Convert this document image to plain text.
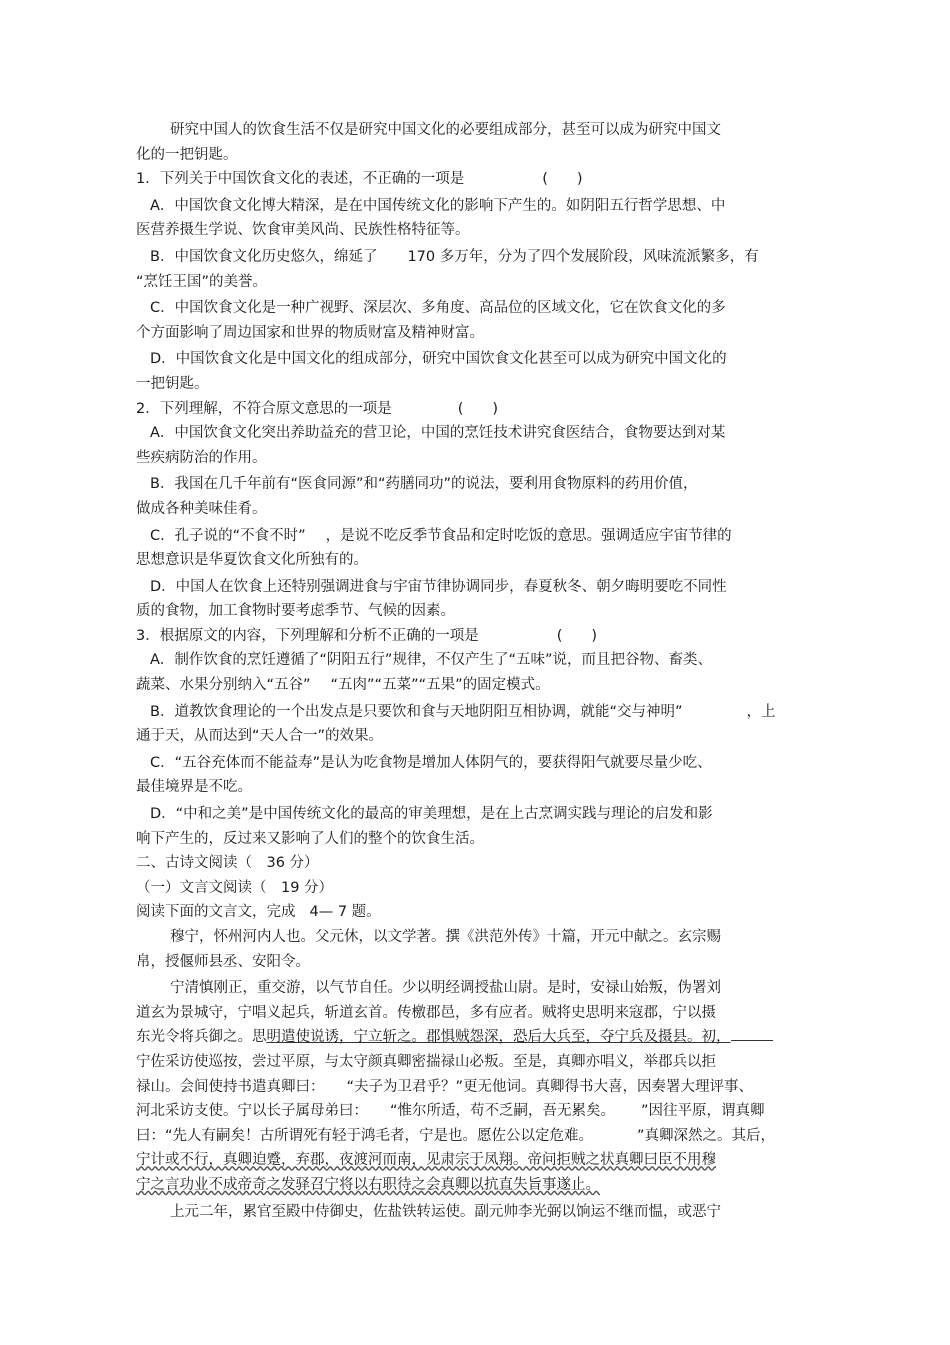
研究中国人的饮食生活不仅是研究中国文化的必要组成部分，甚至可以成为研究中国文
化的一把钥匙。
1．下列关于中国饮食文化的表述，不正确的一项是	(　　)
A．中国饮食文化博大精深，是在中国传统文化的影响下产生的。如阴阳五行哲学思想、中
医营养摄生学说、饮食审美风尚、民族性格特征等。
B．中国饮食文化历史悠久，绵延了 170 多万年，分为了四个发展阶段，风味流派繁多，有
“烹饪王国”的美誉。
C．中国饮食文化是一种广视野、深层次、多角度、高品位的区域文化，它在饮食文化的多
个方面影响了周边国家和世界的物质财富及精神财富。
D．中国饮食文化是中国文化的组成部分，研究中国饮食文化甚至可以成为研究中国文化的
一把钥匙。
2．下列理解，不符合原文意思的一项是	(　　)
A．中国饮食文化突出养助益充的营卫论，中国的烹饪技术讲究食医结合，食物要达到对某
些疾病防治的作用。
B．我国在几千年前有“医食同源”和“药膳同功”的说法，要利用食物原料的药用价值，
做成各种美味佳肴。
C．孔子说的“不食不时” ，是说不吃反季节食品和定时吃饭的意思。强调适应宇宙节律的
思想意识是华夏饮食文化所独有的。
D．中国人在饮食上还特别强调进食与宇宙节律协调同步，春夏秋冬、朝夕晦明要吃不同性
质的食物，加工食物时要考虑季节、气候的因素。
3．根据原文的内容，下列理解和分析不正确的一项是	(　　)
A．制作饮食的烹饪遵循了“阴阳五行”规律，不仅产生了“五味”说，而且把谷物、畜类、
蔬菜、水果分别纳入“五谷” “五肉”“五菜”“五果”的固定模式。
B．道教饮食理论的一个出发点是只要饮和食与天地阴阳互相协调，就能“交与神明”	，上
通于天，从而达到“天人合一”的效果。
C．“五谷充体而不能益寿”是认为吃食物是增加人体阴气的，要获得阳气就要尽量少吃、
最佳境界是不吃。
D．“中和之美”是中国传统文化的最高的审美理想，是在上古烹调实践与理论的启发和影
响下产生的，反过来又影响了人们的整个的饮食生活。
二、古诗文阅读（　36 分）
（一）文言文阅读（　19 分）
阅读下面的文言文，完成 4— 7 题。
穆宁，怀州河内人也。父元休，以文学著。撰《洪范外传》十篇，开元中献之。玄宗赐
帛，授偃师县丞、安阳令。
宁清慎刚正，重交游，以气节自任。少以明经调授盐山尉。是时，安禄山始叛，伪署刘
道玄为景城守，宁唱义起兵，斩道玄首。传檄郡邑，多有应者。贼将史思明来寇郡，宁以摄
东光令将兵御之。思明遣使说诱，宁立斩之。郡惧贼怨深，恐后大兵至，夺宁兵及摄县。初，
宁佐采访使巡按，尝过平原，与太守颜真卿密揣禄山必叛。至是，真卿亦唱义，举郡兵以拒
禄山。会间使持书遣真卿曰： “夫子为卫君乎？”更无他词。真卿得书大喜，因奏署大理评事、
河北采访支使。宁以长子属母弟曰： “惟尔所适，苟不乏嗣，吾无累矣。 ”因往平原，谓真卿
曰：“先人有嗣矣！古所谓死有轻于鸿毛者，宁是也。愿佐公以定危难。	”真卿深然之。其后，
宁计或不行，真卿迫蹙，弃郡，夜渡河而南，见肃宗于凤翔。帝问拒贼之状真卿曰臣不用穆
宁之言功业不成帝奇之发驿召宁将以右职待之会真卿以抗直失旨事遂止。
上元二年，累官至殿中侍御史，佐盐铁转运使。副元帅李光弼以饷运不继而愠，或恶宁
